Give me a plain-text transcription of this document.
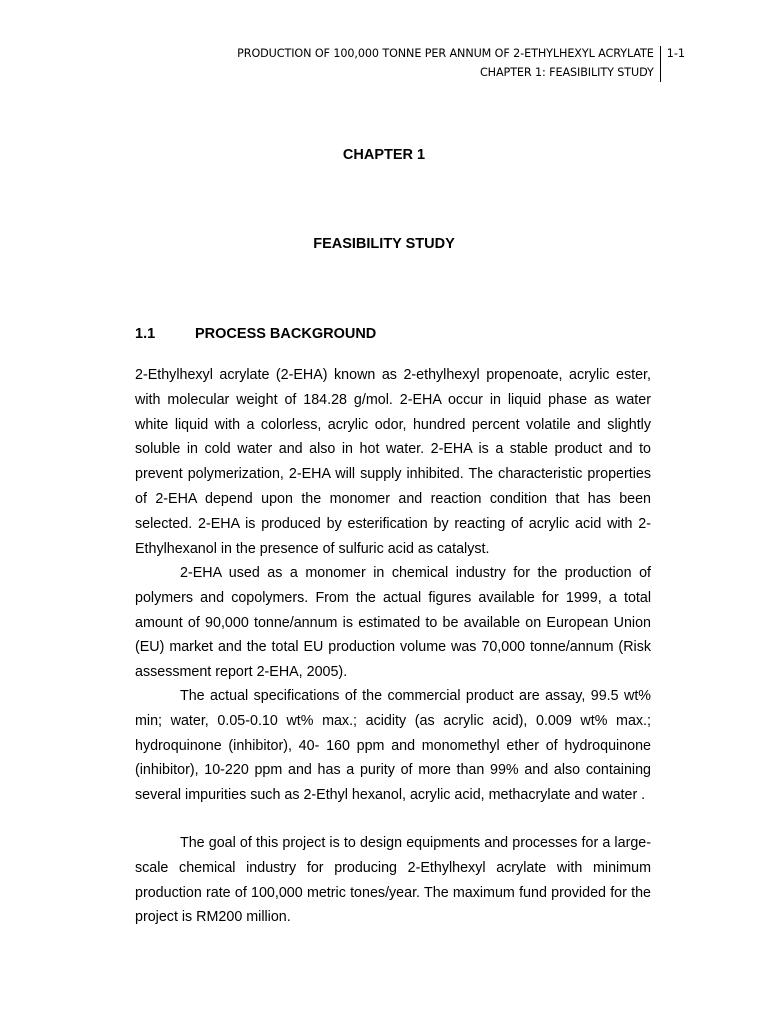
PRODUCTION OF 100,000 TONNE PER ANNUM OF 2-ETHYLHEXYL ACRYLATE
CHAPTER 1: FEASIBILITY STUDY
1-1
CHAPTER 1
FEASIBILITY STUDY
1.1	PROCESS BACKGROUND

2-Ethylhexyl acrylate (2-EHA) known as 2-ethylhexyl propenoate, acrylic ester, with molecular weight of 184.28 g/mol. 2-EHA occur in liquid phase as water white liquid with a colorless, acrylic odor, hundred percent volatile and slightly soluble in cold water and also in hot water. 2-EHA is a stable product and to prevent polymerization, 2-EHA will supply inhibited. The characteristic properties of 2-EHA depend upon the monomer and reaction condition that has been selected. 2-EHA is produced by esterification by reacting of acrylic acid with 2-Ethylhexanol in the presence of sulfuric acid as catalyst.

2-EHA used as a monomer in chemical industry for the production of polymers and copolymers. From the actual figures available for 1999, a total amount of 90,000 tonne/annum is estimated to be available on European Union (EU) market and the total EU production volume was 70,000 tonne/annum (Risk assessment report 2-EHA, 2005).

The actual specifications of the commercial product are assay, 99.5 wt% min; water, 0.05-0.10 wt% max.; acidity (as acrylic acid), 0.009 wt% max.; hydroquinone (inhibitor), 40- 160 ppm and monomethyl ether of hydroquinone (inhibitor), 10-220 ppm and has a purity of more than 99% and also containing several impurities such as 2-Ethyl hexanol, acrylic acid, methacrylate and water .

The goal of this project is to design equipments and processes for a large-scale chemical industry for producing 2-Ethylhexyl acrylate with minimum production rate of 100,000 metric tones/year. The maximum fund provided for the project is RM200 million.
